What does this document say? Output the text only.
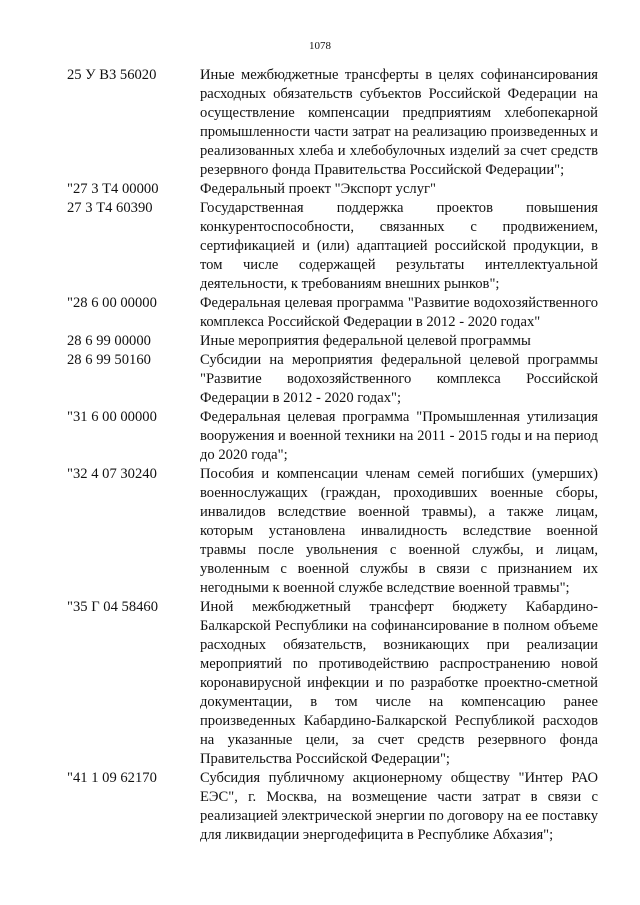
1078
25 У В3 56020	Иные межбюджетные трансферты в целях софинансирования расходных обязательств субъектов Российской Федерации на осуществление компенсации предприятиям хлебопекарной промышленности части затрат на реализацию произведенных и реализованных хлеба и хлебобулочных изделий за счет средств резервного фонда Правительства Российской Федерации";
"27 3 Т4 00000	Федеральный проект "Экспорт услуг"
27 3 Т4 60390	Государственная поддержка проектов повышения конкурентоспособности, связанных с продвижением, сертификацией и (или) адаптацией российской продукции, в том числе содержащей результаты интеллектуальной деятельности, к требованиям внешних рынков";
"28 6 00 00000	Федеральная целевая программа "Развитие водохозяйственного комплекса Российской Федерации в 2012 - 2020 годах"
28 6 99 00000	Иные мероприятия федеральной целевой программы
28 6 99 50160	Субсидии на мероприятия федеральной целевой программы "Развитие водохозяйственного комплекса Российской Федерации в 2012 - 2020 годах";
"31 6 00 00000	Федеральная целевая программа "Промышленная утилизация вооружения и военной техники на 2011 - 2015 годы и на период до 2020 года";
"32 4 07 30240	Пособия и компенсации членам семей погибших (умерших) военнослужащих (граждан, проходивших военные сборы, инвалидов вследствие военной травмы), а также лицам, которым установлена инвалидность вследствие военной травмы после увольнения с военной службы, и лицам, уволенным с военной службы в связи с признанием их негодными к военной службе вследствие военной травмы";
"35 Г 04 58460	Иной межбюджетный трансферт бюджету Кабардино-Балкарской Республики на софинансирование в полном объеме расходных обязательств, возникающих при реализации мероприятий по противодействию распространению новой коронавирусной инфекции и по разработке проектно-сметной документации, в том числе на компенсацию ранее произведенных Кабардино-Балкарской Республикой расходов на указанные цели, за счет средств резервного фонда Правительства Российской Федерации";
"41 1 09 62170	Субсидия публичному акционерному обществу "Интер РАО ЕЭС", г. Москва, на возмещение части затрат в связи с реализацией электрической энергии по договору на ее поставку для ликвидации энергодефицита в Республике Абхазия";
